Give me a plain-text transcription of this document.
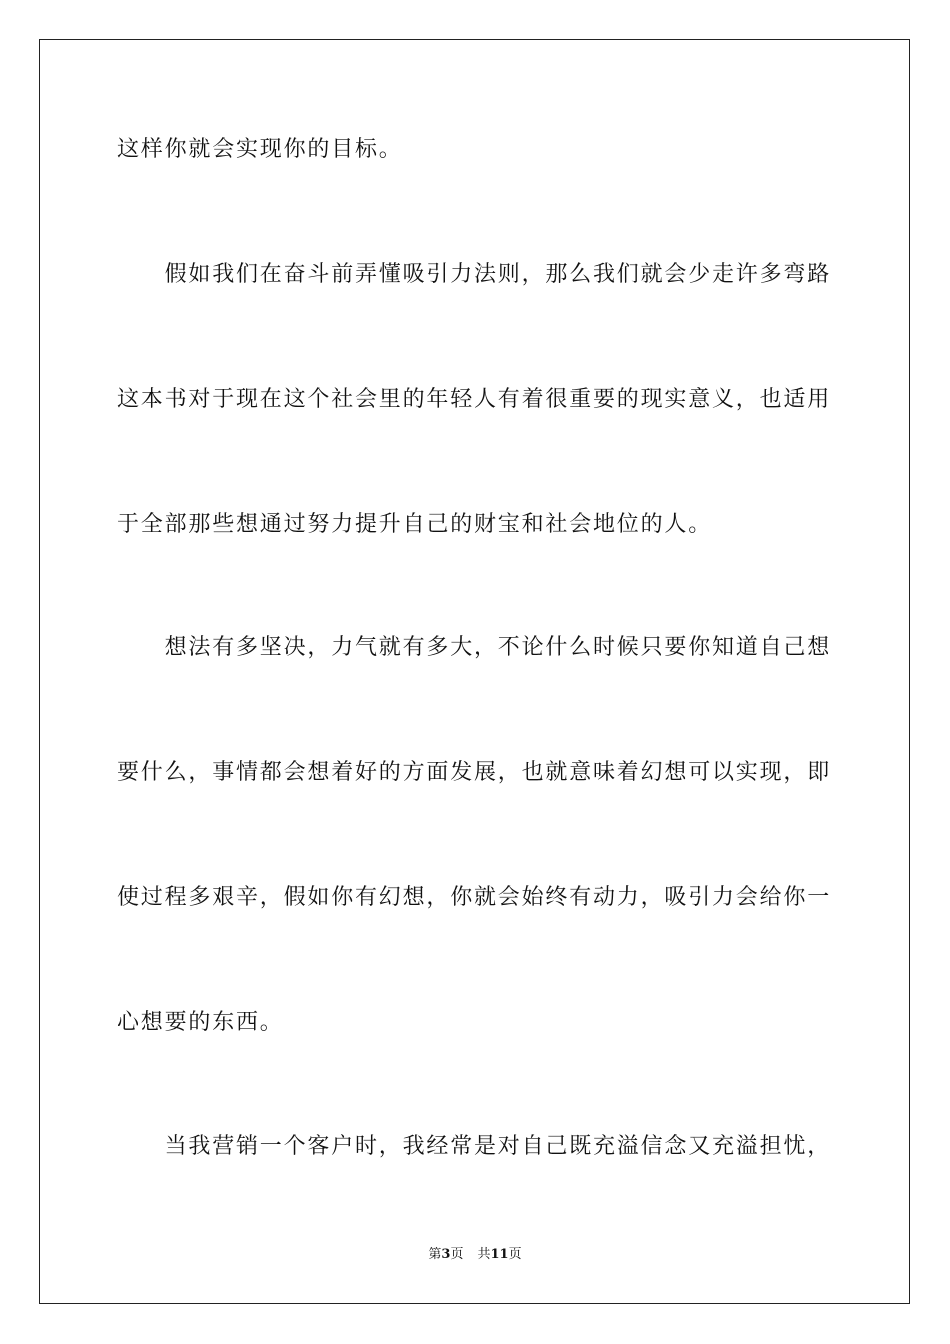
这样你就会实现你的目标。
　　假如我们在奋斗前弄懂吸引力法则，那么我们就会少走许多弯路
这本书对于现在这个社会里的年轻人有着很重要的现实意义，也适用
于全部那些想通过努力提升自己的财宝和社会地位的人。
　　想法有多坚决，力气就有多大，不论什么时候只要你知道自己想
要什么，事情都会想着好的方面发展，也就意味着幻想可以实现，即
使过程多艰辛，假如你有幻想，你就会始终有动力，吸引力会给你一
心想要的东西。
　　当我营销一个客户时，我经常是对自己既充溢信念又充溢担忧，
第3页 共11页
